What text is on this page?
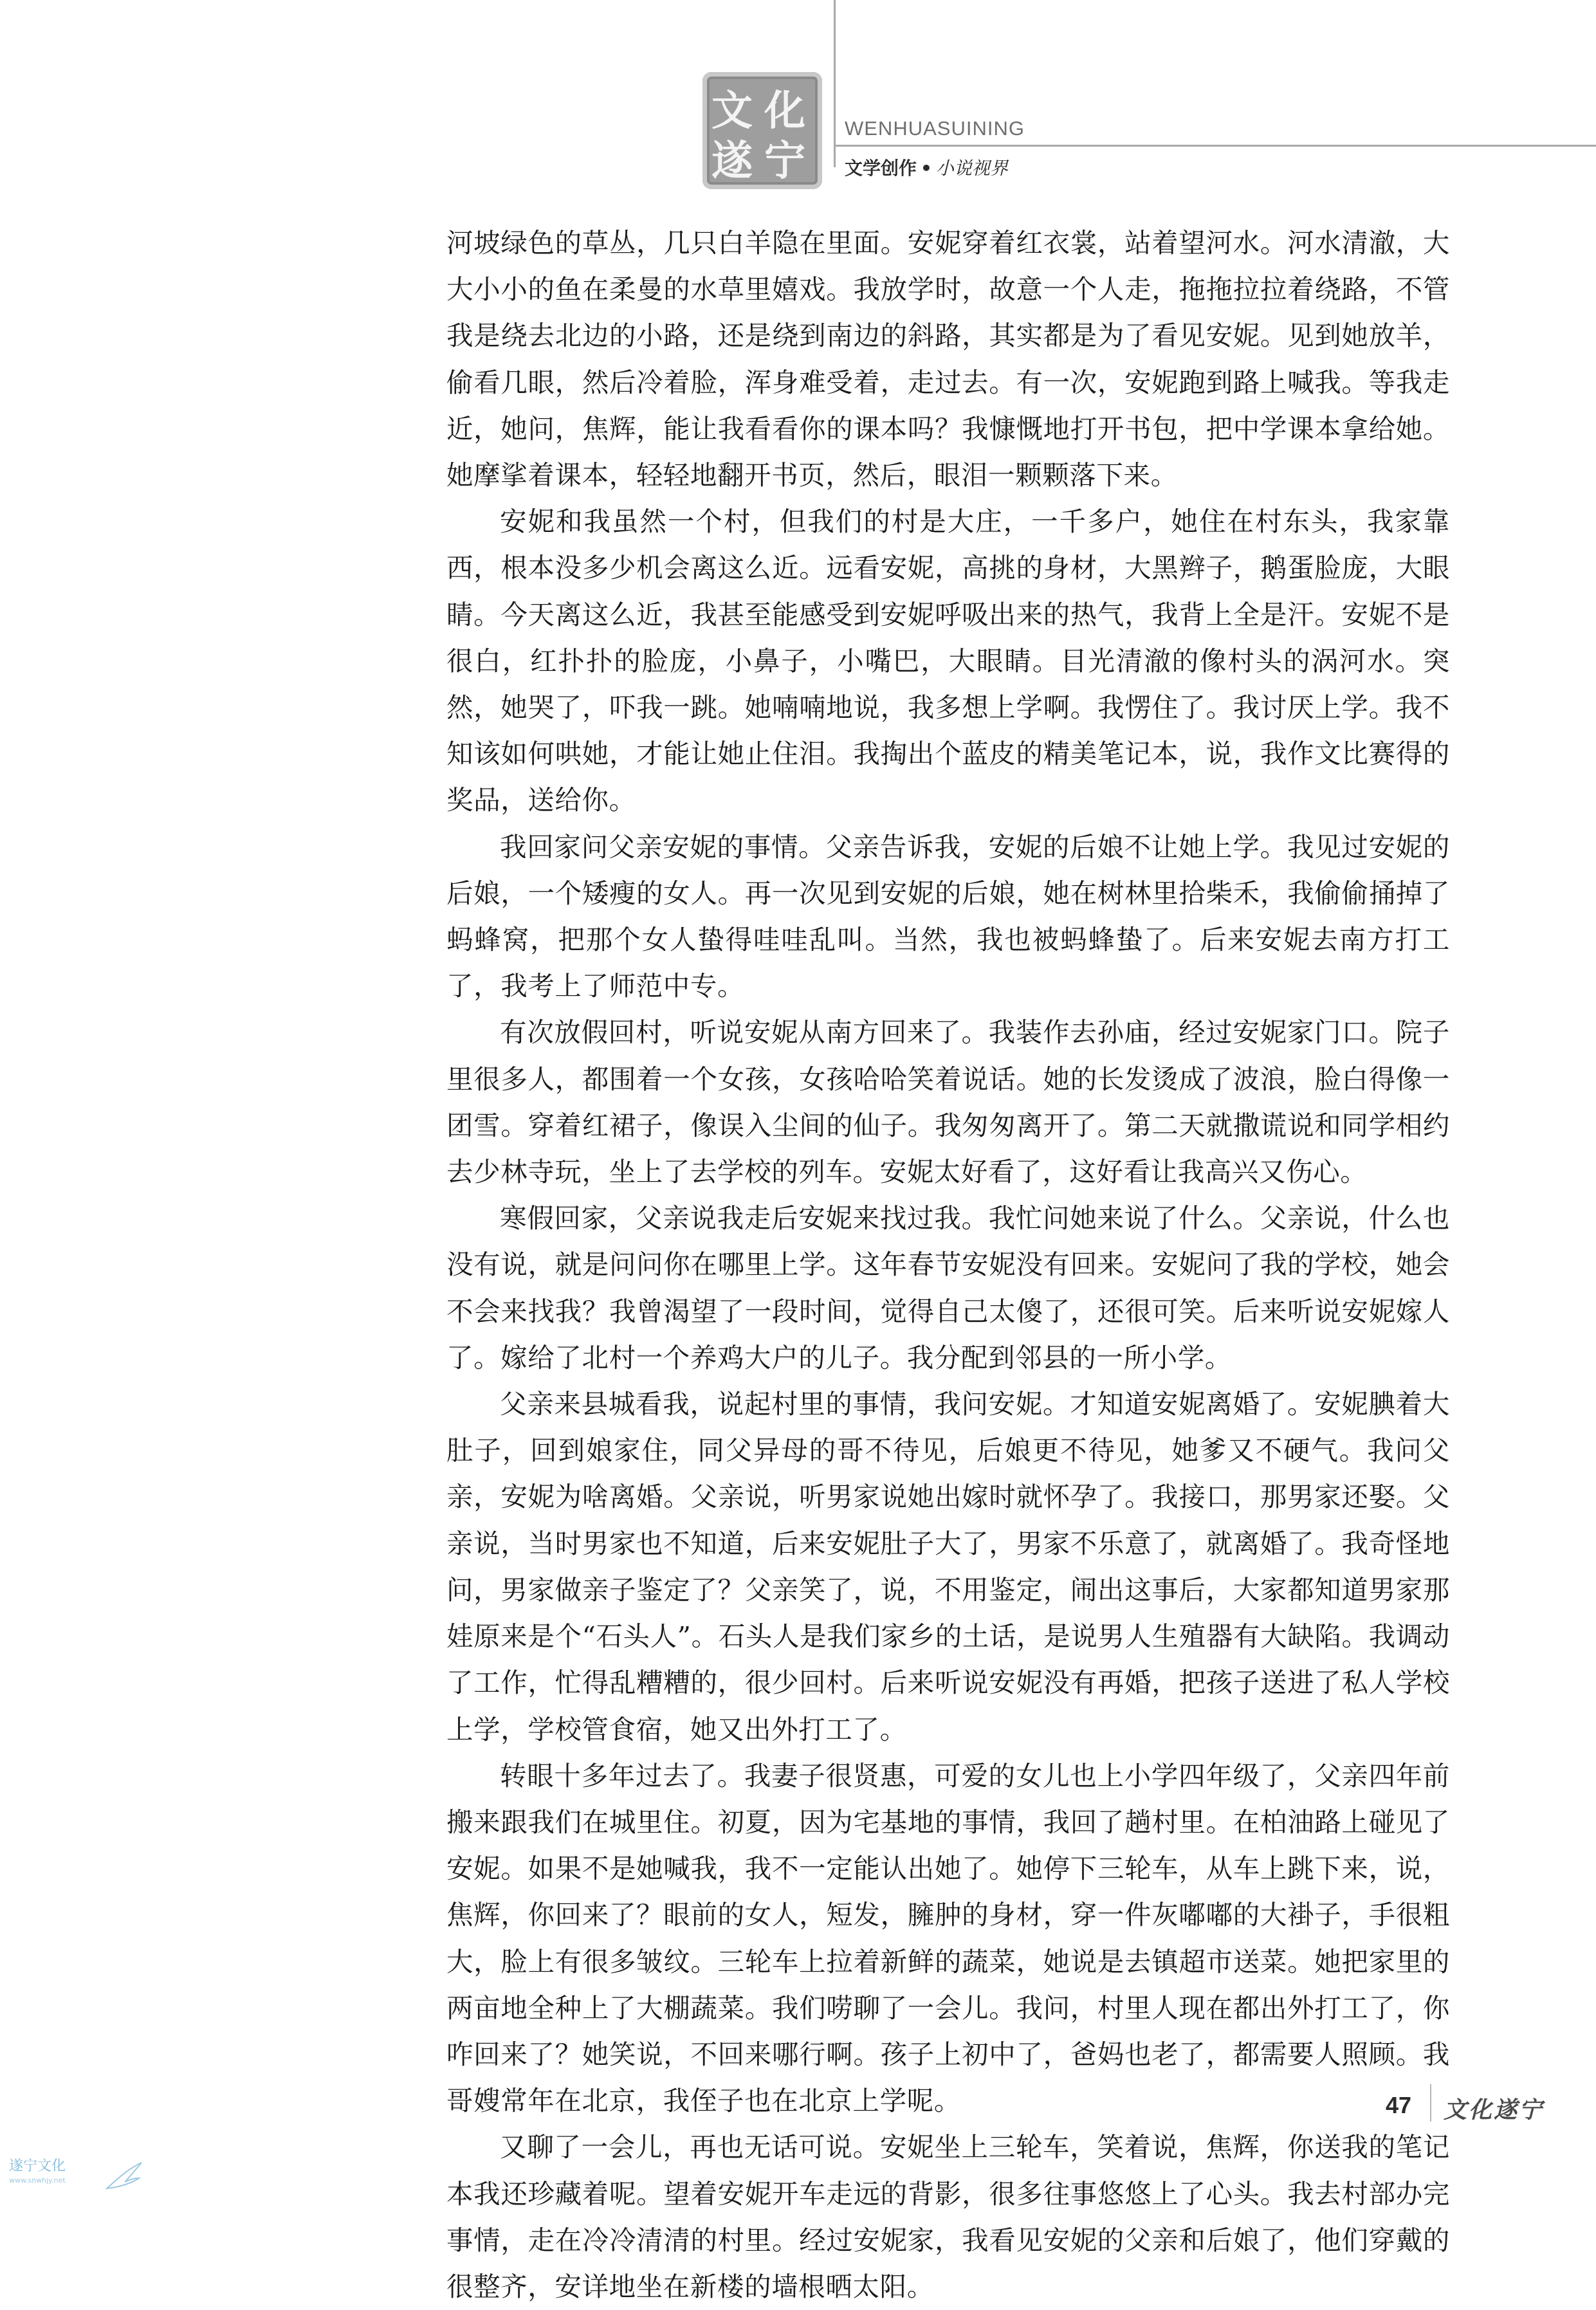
文 化
遂 宁
WENHUASUINING
文学创作 • 小说视界

河坡绿色的草丛，几只白羊隐在里面。安妮穿着红衣裳，站着望河水。河水清澈，大大小小的鱼在柔曼的水草里嬉戏。我放学时，故意一个人走，拖拖拉拉着绕路，不管我是绕去北边的小路，还是绕到南边的斜路，其实都是为了看见安妮。见到她放羊，偷看几眼，然后冷着脸，浑身难受着，走过去。有一次，安妮跑到路上喊我。等我走近，她问，焦辉，能让我看看你的课本吗？我慷慨地打开书包，把中学课本拿给她。她摩挲着课本，轻轻地翻开书页，然后，眼泪一颗颗落下来。

安妮和我虽然一个村，但我们的村是大庄，一千多户，她住在村东头，我家靠西，根本没多少机会离这么近。远看安妮，高挑的身材，大黑辫子，鹅蛋脸庞，大眼睛。今天离这么近，我甚至能感受到安妮呼吸出来的热气，我背上全是汗。安妮不是很白，红扑扑的脸庞，小鼻子，小嘴巴，大眼睛。目光清澈的像村头的涡河水。突然，她哭了，吓我一跳。她喃喃地说，我多想上学啊。我愣住了。我讨厌上学。我不知该如何哄她，才能让她止住泪。我掏出个蓝皮的精美笔记本，说，我作文比赛得的奖品，送给你。

我回家问父亲安妮的事情。父亲告诉我，安妮的后娘不让她上学。我见过安妮的后娘，一个矮瘦的女人。再一次见到安妮的后娘，她在树林里拾柴禾，我偷偷捅掉了蚂蜂窝，把那个女人蛰得哇哇乱叫。当然，我也被蚂蜂蛰了。后来安妮去南方打工了，我考上了师范中专。

有次放假回村，听说安妮从南方回来了。我装作去孙庙，经过安妮家门口。院子里很多人，都围着一个女孩，女孩哈哈笑着说话。她的长发烫成了波浪，脸白得像一团雪。穿着红裙子，像误入尘间的仙子。我匆匆离开了。第二天就撒谎说和同学相约去少林寺玩，坐上了去学校的列车。安妮太好看了，这好看让我高兴又伤心。

寒假回家，父亲说我走后安妮来找过我。我忙问她来说了什么。父亲说，什么也没有说，就是问问你在哪里上学。这年春节安妮没有回来。安妮问了我的学校，她会不会来找我？我曾渴望了一段时间，觉得自己太傻了，还很可笑。后来听说安妮嫁人了。嫁给了北村一个养鸡大户的儿子。我分配到邻县的一所小学。

父亲来县城看我，说起村里的事情，我问安妮。才知道安妮离婚了。安妮腆着大肚子，回到娘家住，同父异母的哥不待见，后娘更不待见，她爹又不硬气。我问父亲，安妮为啥离婚。父亲说，听男家说她出嫁时就怀孕了。我接口，那男家还娶。父亲说，当时男家也不知道，后来安妮肚子大了，男家不乐意了，就离婚了。我奇怪地问，男家做亲子鉴定了？父亲笑了，说，不用鉴定，闹出这事后，大家都知道男家那娃原来是个“石头人”。石头人是我们家乡的土话，是说男人生殖器有大缺陷。我调动了工作，忙得乱糟糟的，很少回村。后来听说安妮没有再婚，把孩子送进了私人学校上学，学校管食宿，她又出外打工了。

转眼十多年过去了。我妻子很贤惠，可爱的女儿也上小学四年级了，父亲四年前搬来跟我们在城里住。初夏，因为宅基地的事情，我回了趟村里。在柏油路上碰见了安妮。如果不是她喊我，我不一定能认出她了。她停下三轮车，从车上跳下来，说，焦辉，你回来了？眼前的女人，短发，臃肿的身材，穿一件灰嘟嘟的大褂子，手很粗大，脸上有很多皱纹。三轮车上拉着新鲜的蔬菜，她说是去镇超市送菜。她把家里的两亩地全种上了大棚蔬菜。我们唠聊了一会儿。我问，村里人现在都出外打工了，你咋回来了？她笑说，不回来哪行啊。孩子上初中了，爸妈也老了，都需要人照顾。我哥嫂常年在北京，我侄子也在北京上学呢。

又聊了一会儿，再也无话可说。安妮坐上三轮车，笑着说，焦辉，你送我的笔记本我还珍藏着呢。望着安妮开车走远的背影，很多往事悠悠上了心头。我去村部办完事情，走在冷冷清清的村里。经过安妮家，我看见安妮的父亲和后娘了，他们穿戴的很整齐，安详地坐在新楼的墙根晒太阳。

47 文化遂宁
遂宁文化
www.snwhjy.net
